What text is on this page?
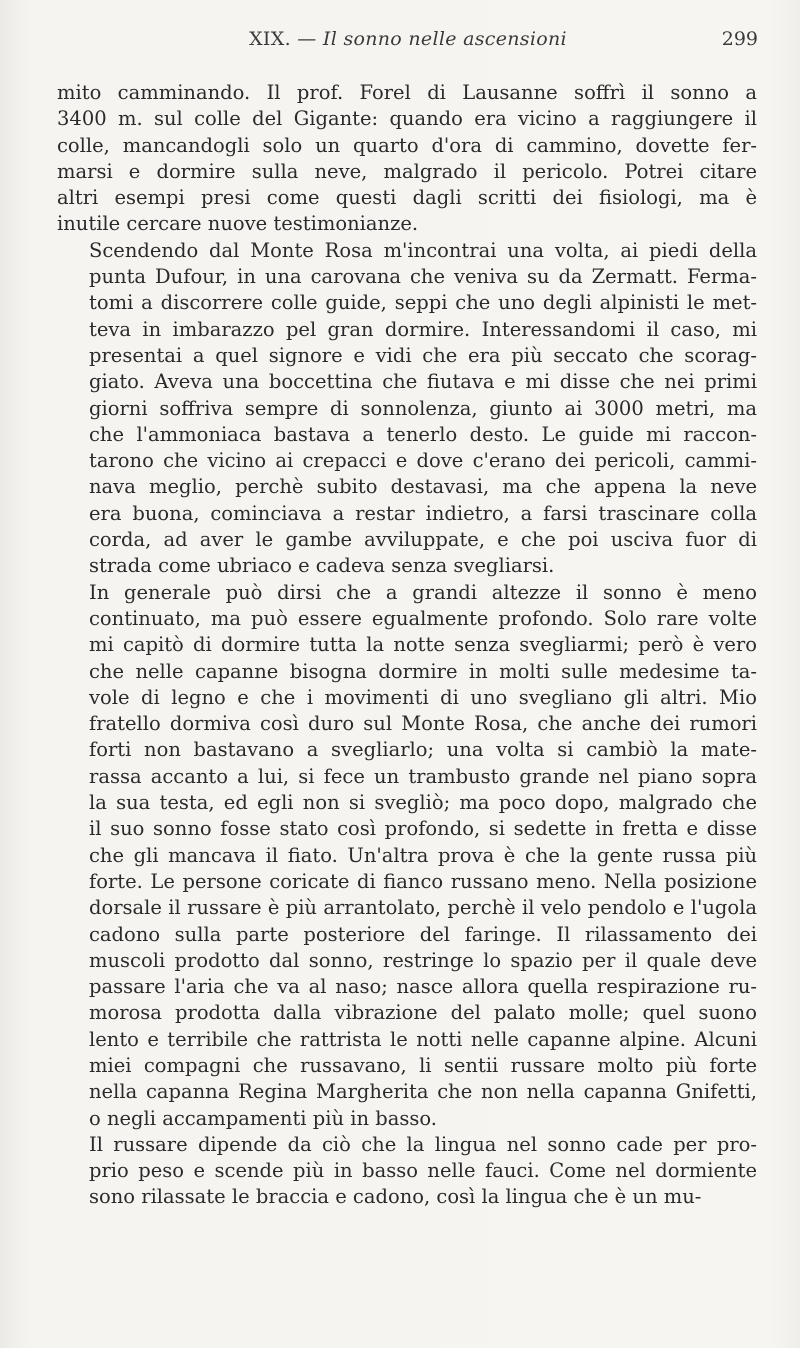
XIX. — Il sonno nelle ascensioni	299

mito camminando. Il prof. Forel di Lausanne soffrì il sonno a
3400 m. sul colle del Gigante: quando era vicino a raggiungere il
colle, mancandogli solo un quarto d'ora di cammino, dovette fer-
marsi e dormire sulla neve, malgrado il pericolo. Potrei citare
altri esempi presi come questi dagli scritti dei fisiologi, ma è
inutile cercare nuove testimonianze.

Scendendo dal Monte Rosa m'incontrai una volta, ai piedi della
punta Dufour, in una carovana che veniva su da Zermatt. Ferma-
tomi a discorrere colle guide, seppi che uno degli alpinisti le met-
teva in imbarazzo pel gran dormire. Interessandomi il caso, mi
presentai a quel signore e vidi che era più seccato che scorag-
giato. Aveva una boccettina che fiutava e mi disse che nei primi
giorni soffriva sempre di sonnolenza, giunto ai 3000 metri, ma
che l'ammoniaca bastava a tenerlo desto. Le guide mi raccon-
tarono che vicino ai crepacci e dove c'erano dei pericoli, cammi-
nava meglio, perchè subito destavasi, ma che appena la neve
era buona, cominciava a restar indietro, a farsi trascinare colla
corda, ad aver le gambe avviluppate, e che poi usciva fuor di
strada come ubriaco e cadeva senza svegliarsi.

In generale può dirsi che a grandi altezze il sonno è meno
continuato, ma può essere egualmente profondo. Solo rare volte
mi capitò di dormire tutta la notte senza svegliarmi; però è vero
che nelle capanne bisogna dormire in molti sulle medesime ta-
vole di legno e che i movimenti di uno svegliano gli altri. Mio
fratello dormiva così duro sul Monte Rosa, che anche dei rumori
forti non bastavano a svegliarlo; una volta si cambiò la mate-
rassa accanto a lui, si fece un trambusto grande nel piano sopra
la sua testa, ed egli non si svegliò; ma poco dopo, malgrado che
il suo sonno fosse stato così profondo, si sedette in fretta e disse
che gli mancava il fiato. Un'altra prova è che la gente russa più
forte. Le persone coricate di fianco russano meno. Nella posizione
dorsale il russare è più arrantolato, perchè il velo pendolo e l'ugola
cadono sulla parte posteriore del faringe. Il rilassamento dei
muscoli prodotto dal sonno, restringe lo spazio per il quale deve
passare l'aria che va al naso; nasce allora quella respirazione ru-
morosa prodotta dalla vibrazione del palato molle; quel suono
lento e terribile che rattrista le notti nelle capanne alpine. Alcuni
miei compagni che russavano, li sentii russare molto più forte
nella capanna Regina Margherita che non nella capanna Gnifetti,
o negli accampamenti più in basso.

Il russare dipende da ciò che la lingua nel sonno cade per pro-
prio peso e scende più in basso nelle fauci. Come nel dormiente
sono rilassate le braccia e cadono, così la lingua che è un mu-
